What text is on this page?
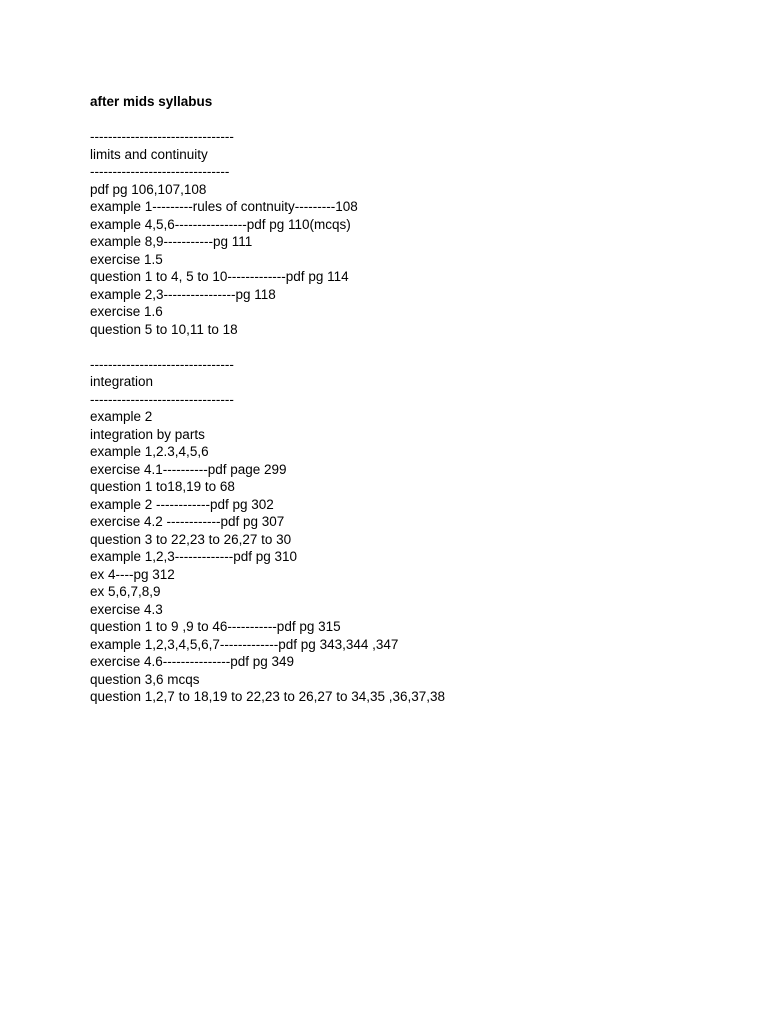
after mids syllabus
--------------------------------
limits and continuity
-------------------------------
pdf pg 106,107,108
example 1---------rules of contnuity---------108
example 4,5,6----------------pdf pg 110(mcqs)
example 8,9-----------pg 111
exercise 1.5
question 1 to 4, 5 to 10-------------pdf pg 114
example 2,3----------------pg 118
exercise 1.6
question 5 to 10,11 to 18
--------------------------------
integration
--------------------------------
example 2
integration by parts
example 1,2.3,4,5,6
exercise 4.1----------pdf page 299
question 1 to18,19 to 68
example 2 ------------pdf pg 302
exercise 4.2 ------------pdf pg 307
question 3 to 22,23 to 26,27 to 30
example 1,2,3-------------pdf pg 310
ex 4----pg 312
ex 5,6,7,8,9
exercise 4.3
question 1 to 9 ,9 to 46-----------pdf pg 315
example 1,2,3,4,5,6,7-------------pdf pg 343,344 ,347
exercise 4.6---------------pdf pg 349
question 3,6 mcqs
question 1,2,7 to 18,19 to 22,23 to 26,27 to 34,35 ,36,37,38
